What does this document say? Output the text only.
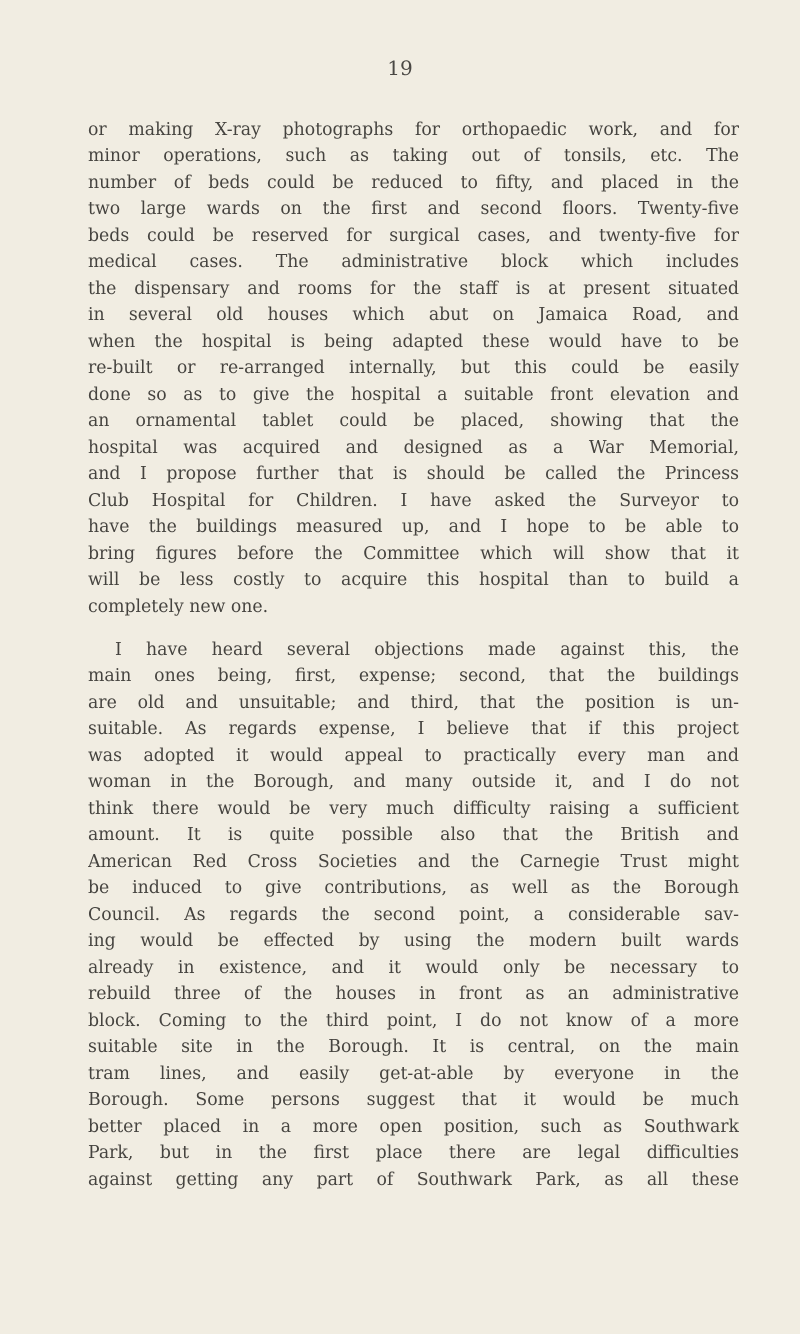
19

or making X-ray photographs for orthopaedic work, and for

minor operations, such as taking out of tonsils, etc. The

number of beds could be reduced to fifty, and placed in the

two large wards on the first and second floors. Twenty-five

beds could be reserved for surgical cases, and twenty-five for

medical cases. The administrative block which includes

the dispensary and rooms for the staff is at present situated

in several old houses which abut on Jamaica Road, and

when the hospital is being adapted these would have to be

re-built or re-arranged internally, but this could be easily

done so as to give the hospital a suitable front elevation and

an ornamental tablet could be placed, showing that the

hospital was acquired and designed as a War Memorial,

and I propose further that is should be called the Princess

Club Hospital for Children. I have asked the Surveyor to

have the buildings measured up, and I hope to be able to

bring figures before the Committee which will show that it

will be less costly to acquire this hospital than to build a

completely new one.

I have heard several objections made against this, the

main ones being, first, expense; second, that the buildings

are old and unsuitable; and third, that the position is un-

suitable. As regards expense, I believe that if this project

was adopted it would appeal to practically every man and

woman in the Borough, and many outside it, and I do not

think there would be very much difficulty raising a sufficient

amount. It is quite possible also that the British and

American Red Cross Societies and the Carnegie Trust might

be induced to give contributions, as well as the Borough

Council. As regards the second point, a considerable sav-

ing would be effected by using the modern built wards

already in existence, and it would only be necessary to

rebuild three of the houses in front as an administrative

block. Coming to the third point, I do not know of a more

suitable site in the Borough. It is central, on the main

tram lines, and easily get-at-able by everyone in the

Borough. Some persons suggest that it would be much

better placed in a more open position, such as Southwark

Park, but in the first place there are legal difficulties

against getting any part of Southwark Park, as all these
